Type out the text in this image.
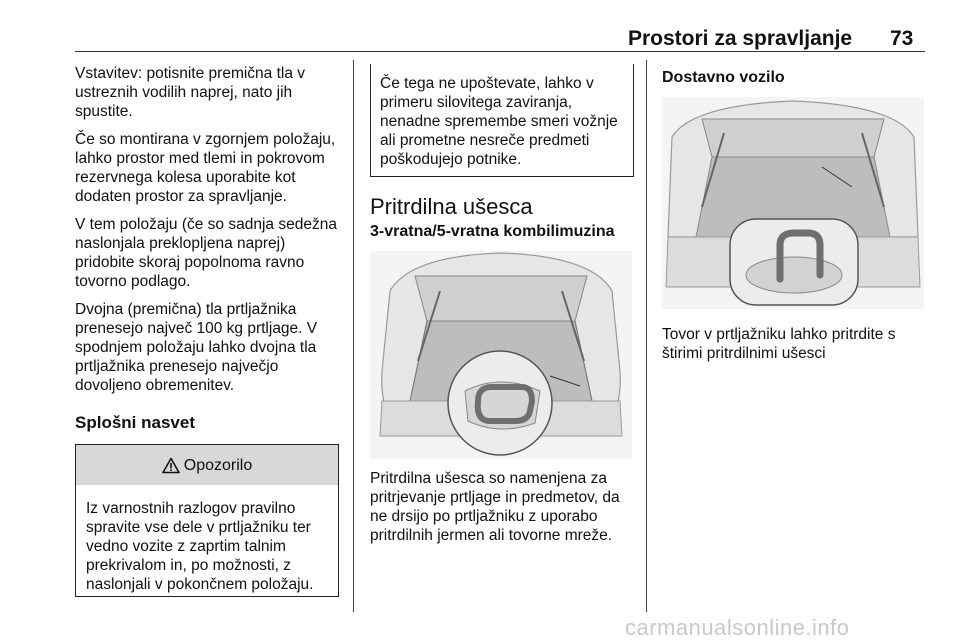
Prostori za spravljanje 73

Vstavitev: potisnite premična tla v ustreznih vodilih naprej, nato jih spustite.

Če so montirana v zgornjem položaju, lahko prostor med tlemi in pokrovom rezervnega kolesa uporabite kot dodaten prostor za spravljanje.

V tem položaju (če so sadnja sedežna naslonjala preklopljena naprej) pridobite skoraj popolnoma ravno tovorno podlago.

Dvojna (premična) tla prtljažnika prenesejo največ 100 kg prtljage. V spodnjem položaju lahko dvojna tla prtljažnika prenesejo največjo dovoljeno obremenitev.

Splošni nasvet
Opozorilo
Iz varnostnih razlogov pravilno spravite vse dele v prtljažniku ter vedno vozite z zaprtim talnim prekrivalom in, po možnosti, z naslonjali v pokončnem položaju.
Če tega ne upoštevate, lahko v primeru silovitega zaviranja, nenadne spremembe smeri vožnje ali prometne nesreče predmeti poškodujejo potnike.
Pritrdilna ušesca
3-vratna/5-vratna kombilimuzina

Pritrdilna ušesca so namenjena za pritrjevanje prtljage in predmetov, da ne drsijo po prtljažniku z uporabo pritrdilnih jermen ali tovorne mreže.

Dostavno vozilo

Tovor v prtljažniku lahko pritrdite s štirimi pritrdilnimi ušesci

carmanualsonline.info
